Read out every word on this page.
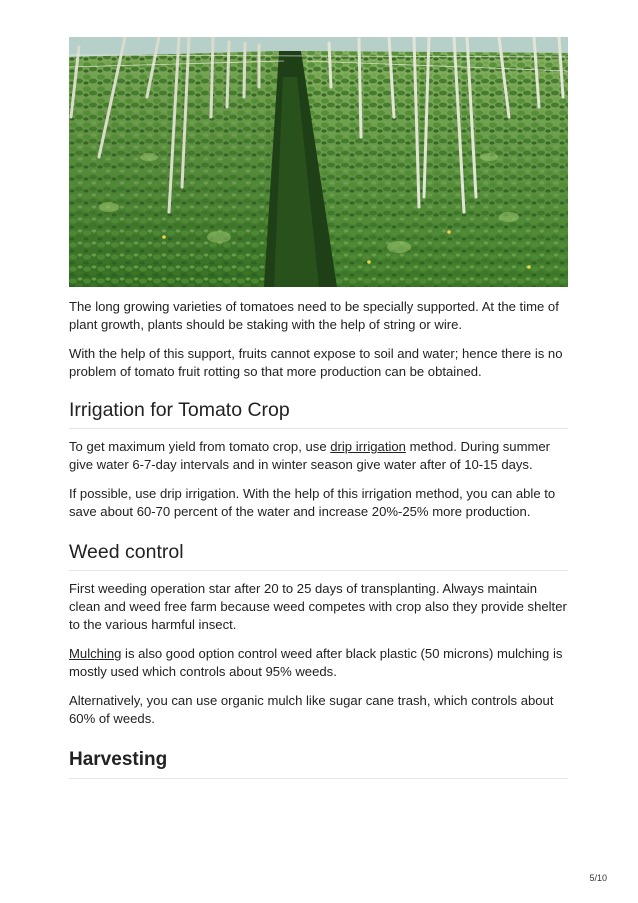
The long growing varieties of tomatoes need to be specially supported. At the time of plant growth, plants should be staking with the help of string or wire.

With the help of this support, fruits cannot expose to soil and water; hence there is no problem of tomato fruit rotting so that more production can be obtained.

Irrigation for Tomato Crop

To get maximum yield from tomato crop, use drip irrigation method. During summer give water 6-7-day intervals and in winter season give water after of 10-15 days.

If possible, use drip irrigation. With the help of this irrigation method, you can able to save about 60-70 percent of the water and increase 20%-25% more production.

Weed control

First weeding operation star after 20 to 25 days of transplanting. Always maintain clean and weed free farm because weed competes with crop also they provide shelter to the various harmful insect.

Mulching is also good option control weed after black plastic (50 microns) mulching is mostly used which controls about 95% weeds.

Alternatively, you can use organic mulch like sugar cane trash, which controls about 60% of weeds.

Harvesting
5/10
